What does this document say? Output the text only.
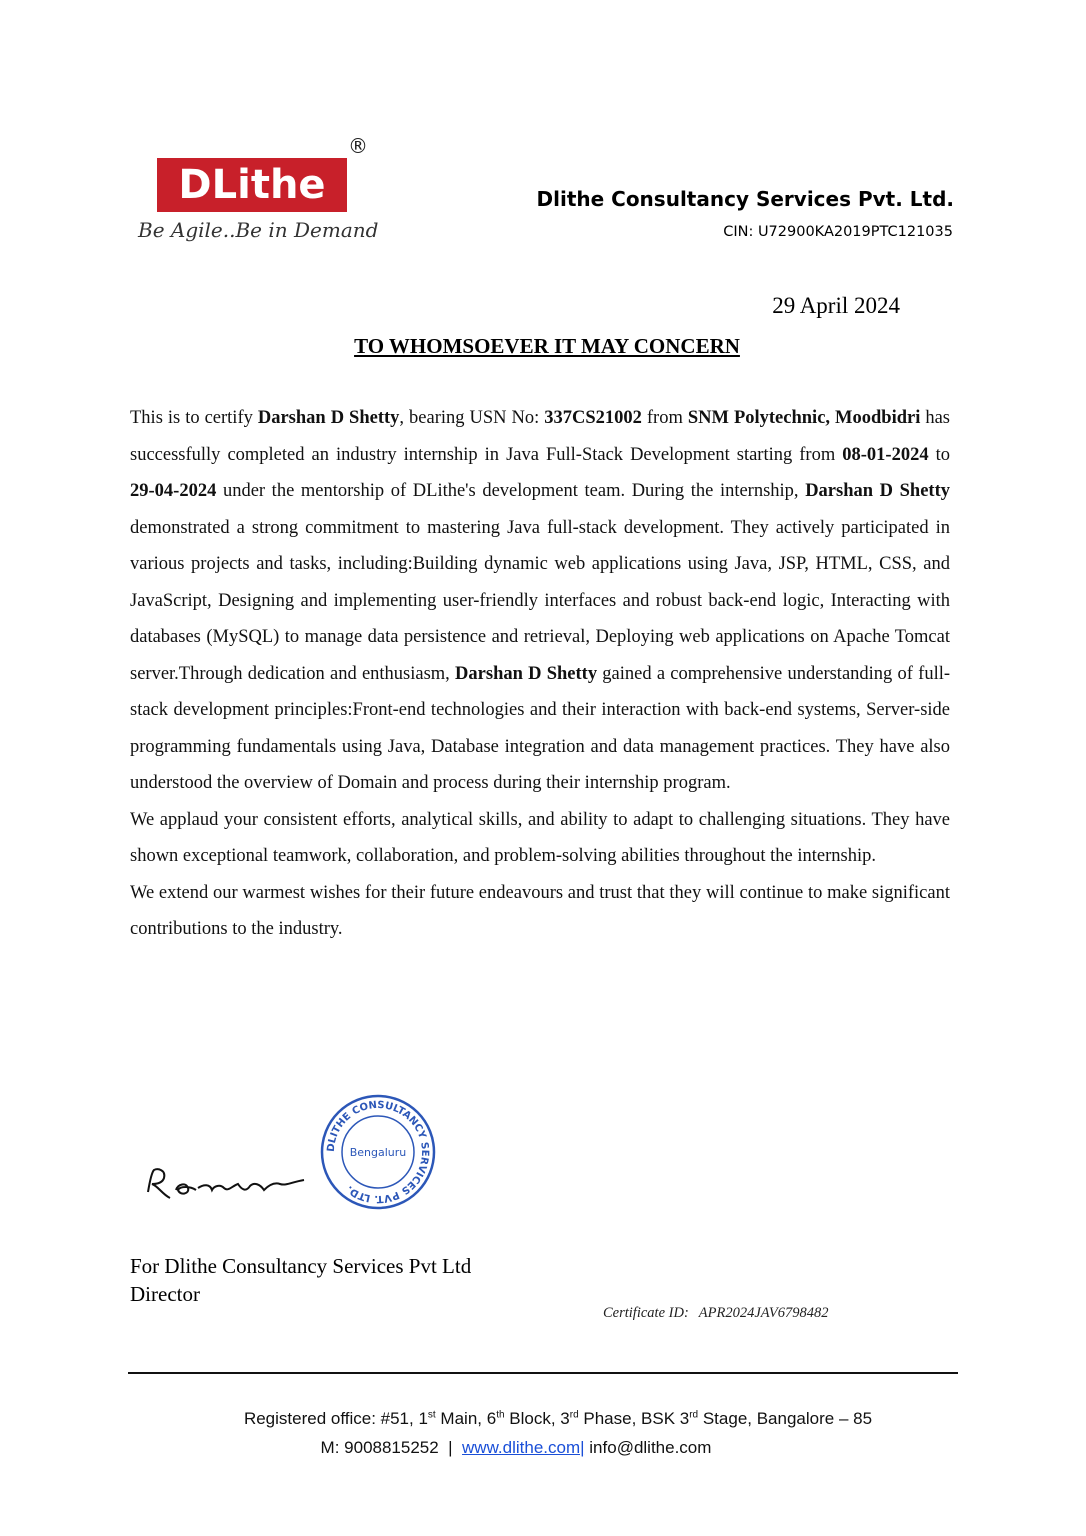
DLithe
®
Be Agile..Be in Demand
Dlithe Consultancy Services Pvt. Ltd.
CIN: U72900KA2019PTC121035
29 April 2024
TO WHOMSOEVER IT MAY CONCERN

This is to certify Darshan D Shetty, bearing USN No: 337CS21002 from SNM Polytechnic, Moodbidri has successfully completed an industry internship in Java Full-Stack Development starting from 08-01-2024 to 29-04-2024 under the mentorship of DLithe's development team. During the internship, Darshan D Shetty demonstrated a strong commitment to mastering Java full-stack development. They actively participated in various projects and tasks, including:Building dynamic web applications using Java, JSP, HTML, CSS, and JavaScript, Designing and implementing user-friendly interfaces and robust back-end logic, Interacting with databases (MySQL) to manage data persistence and retrieval, Deploying web applications on Apache Tomcat server.Through dedication and enthusiasm, Darshan D Shetty gained a comprehensive understanding of full-stack development principles:Front-end technologies and their interaction with back-end systems, Server-side programming fundamentals using Java, Database integration and data management practices. They have also understood the overview of Domain and process during their internship program.

We applaud your consistent efforts, analytical skills, and ability to adapt to challenging situations. They have shown exceptional teamwork, collaboration, and problem-solving abilities throughout the internship.

We extend our warmest wishes for their future endeavours and trust that they will continue to make significant contributions to the industry.

DLITHE CONSULTANCY SERVICES PVT. LTD.
Bengaluru
For Dlithe Consultancy Services Pvt Ltd
Director
Certificate ID: APR2024JAV6798482
Registered office: #51, 1st Main, 6th Block, 3rd Phase, BSK 3rd Stage, Bangalore – 85
M: 9008815252 | www.dlithe.com| info@dlithe.com
